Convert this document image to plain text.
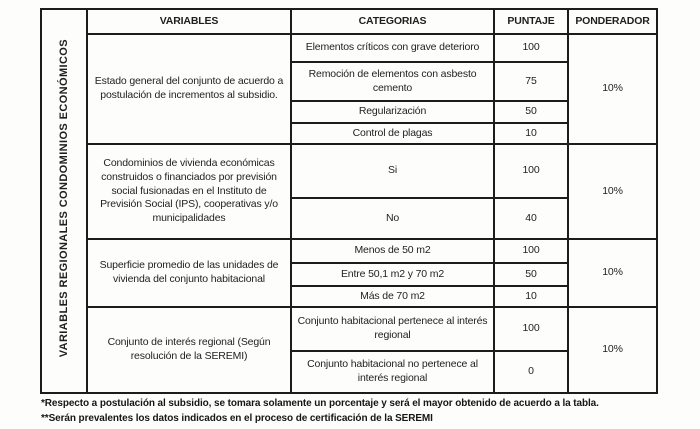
VARIABLES REGIONALES CONDOMINIOS ECONÓMICOS	VARIABLES	CATEGORIAS	PUNTAJE	PONDERADOR
	Estado general del conjunto de acuerdo a postulación de incrementos al subsidio.	Elementos críticos con grave deterioro	100	10%
		Remoción de elementos con asbesto cemento	75	
		Regularización	50	
		Control de plagas	10	
	Condominios de vivienda económicas construidos o financiados por previsión social fusionadas en el Instituto de Previsión Social (IPS), cooperativas y/o municipalidades	Si	100	10%
		No	40	
	Superficie promedio de las unidades de vivienda del conjunto habitacional	Menos de 50 m2	100	10%
		Entre 50,1 m2 y 70 m2	50	
		Más de 70 m2	10	
	Conjunto de interés regional (Según resolución de la SEREMI)	Conjunto habitacional pertenece al interés regional	100	10%
		Conjunto habitacional no pertenece al interés regional	0	
*Respecto a postulación al subsidio, se tomara solamente un porcentaje y será el mayor obtenido de acuerdo a la tabla.
**Serán prevalentes los datos indicados en el proceso de certificación de la SEREMI
